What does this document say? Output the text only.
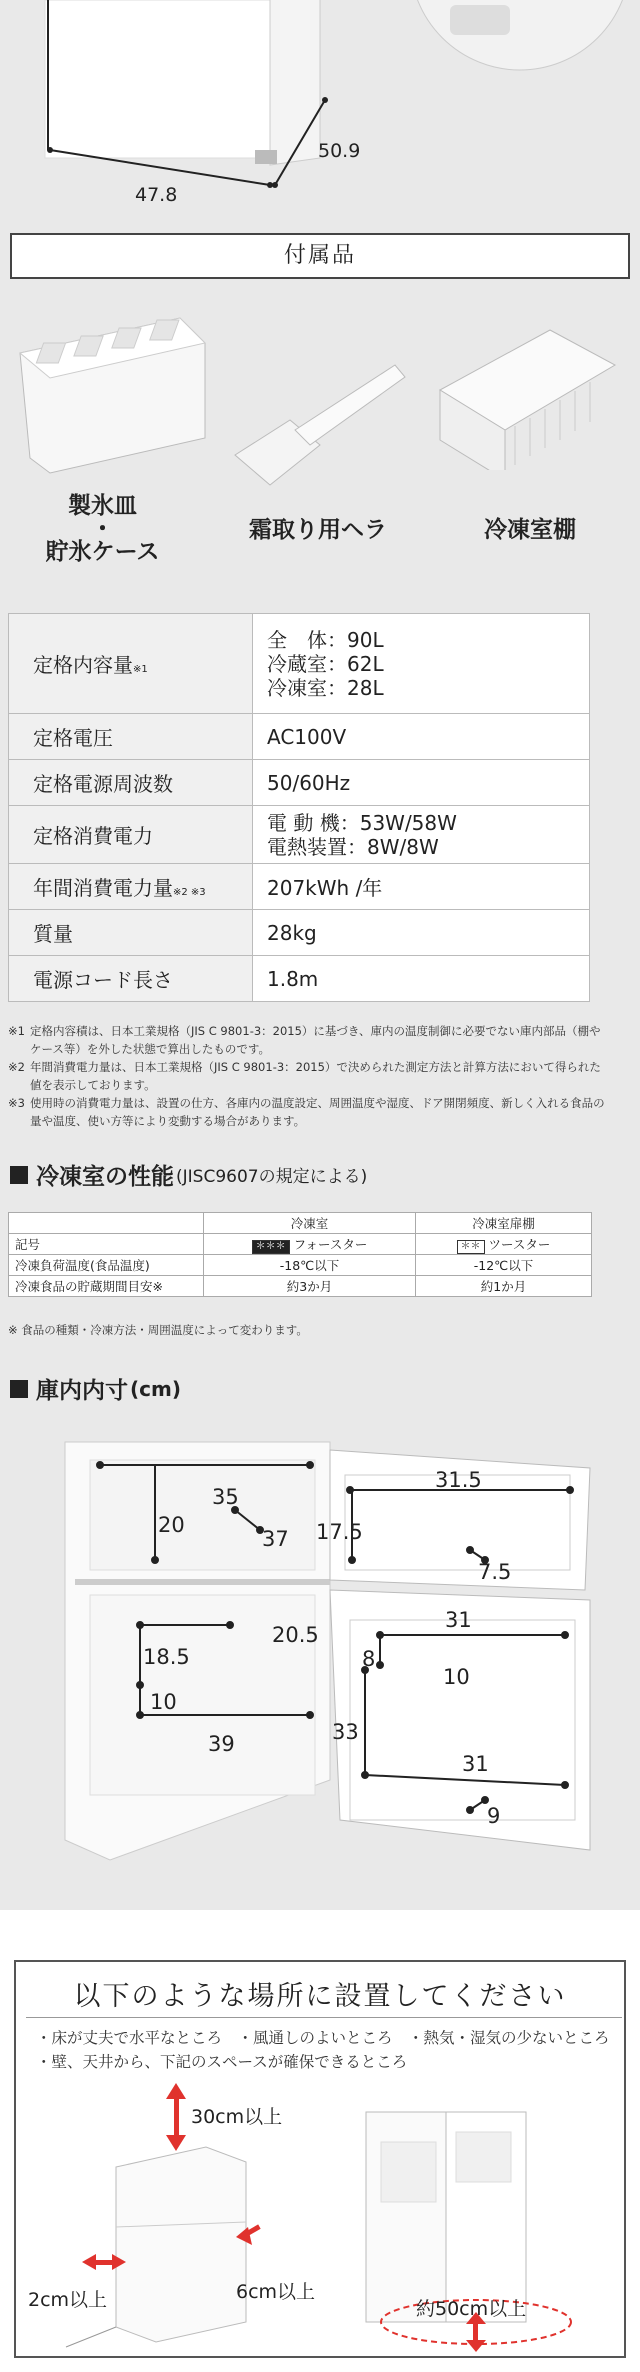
50.9
47.8
付属品
製氷皿
・
貯氷ケース
霜取り用ヘラ	冷凍室棚
定格内容量※1	全　体：90L
冷蔵室：62L
冷凍室：28L

定格電圧	AC100V
定格電源周波数	50/60Hz
定格消費電力	電 動 機：53W/58W
電熱装置：8W/8W

年間消費電力量※2 ※3	207kWh /年
質量	28kg
電源コード長さ	1.8m
※1 定格内容積は、日本工業規格（JIS C 9801-3：2015）に基づき、庫内の温度制御に必要でない庫内部品（棚やケース等）を外した状態で算出したものです。
※2 年間消費電力量は、日本工業規格（JIS C 9801-3：2015）で決められた測定方法と計算方法において得られた値を表示しております。
※3 使用時の消費電力量は、設置の仕方、各庫内の温度設定、周囲温度や湿度、ドア開閉頻度、新しく入れる食品の量や温度、使い方等により変動する場合があります。
冷凍室の性能 (JISC9607の規定による)
	冷凍室	冷凍室扉棚
記号	＊＊＊ フォースター	＊＊ ツースター
冷凍負荷温度(食品温度)	-18℃以下	-12℃以下
冷凍食品の貯蔵期間目安※	約3か月	約1か月
※ 食品の種類・冷凍方法・周囲温度によって変わります。
庫内内寸 (cm)
35
20
37
31.5
17.5
7.5
20.5
18.5
10
39
31
8
10
33
31
9
以下のような場所に設置してください
・床が丈夫で水平なところ　・風通しのよいところ　・熱気・湿気の少ないところ
・壁、天井から、下記のスペースが確保できるところ
30cm以上
2cm以上	6cm以上
約50cm以上
